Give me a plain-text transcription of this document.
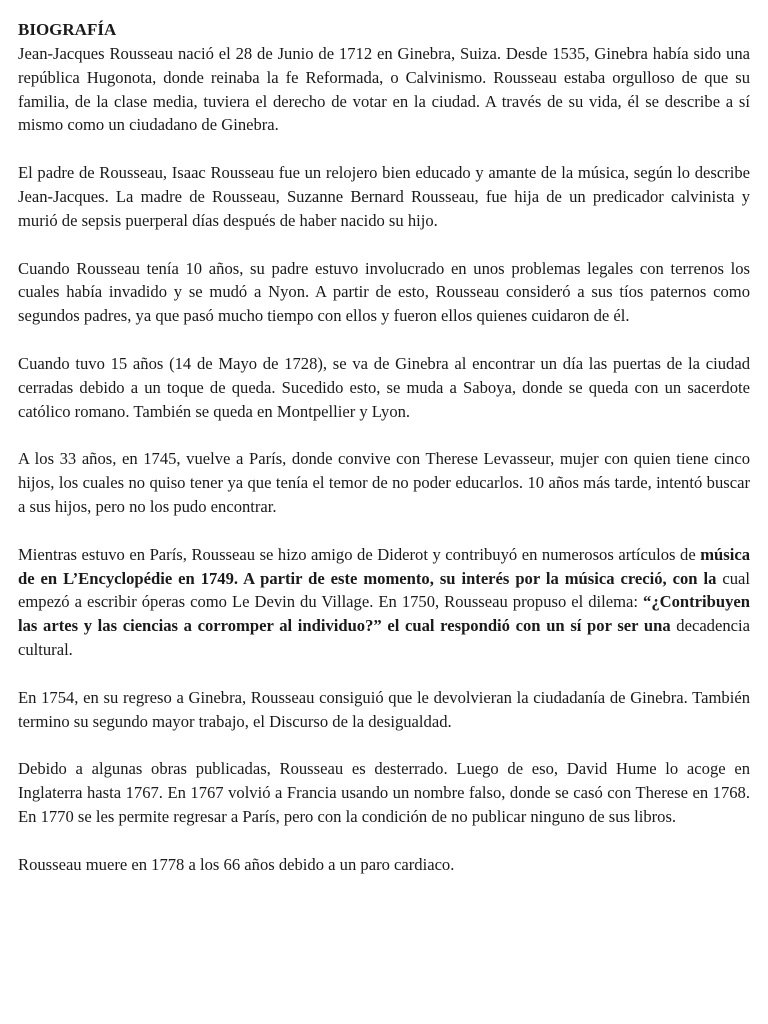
BIOGRAFÍA

Jean-Jacques Rousseau nació el 28 de Junio de 1712 en Ginebra, Suiza. Desde 1535, Ginebra había sido una república Hugonota, donde reinaba la fe Reformada, o Calvinismo. Rousseau estaba orgulloso de que su familia, de la clase media, tuviera el derecho de votar en la ciudad. A través de su vida, él se describe a sí mismo como un ciudadano de Ginebra.

El padre de Rousseau, Isaac Rousseau fue un relojero bien educado y amante de la música, según lo describe Jean-Jacques. La madre de Rousseau, Suzanne Bernard Rousseau, fue hija de un predicador calvinista y murió de sepsis puerperal días después de haber nacido su hijo.

Cuando Rousseau tenía 10 años, su padre estuvo involucrado en unos problemas legales con terrenos los cuales había invadido y se mudó a Nyon. A partir de esto, Rousseau consideró a sus tíos paternos como segundos padres, ya que pasó mucho tiempo con ellos y fueron ellos quienes cuidaron de él.

Cuando tuvo 15 años (14 de Mayo de 1728), se va de Ginebra al encontrar un día las puertas de la ciudad cerradas debido a un toque de queda. Sucedido esto, se muda a Saboya, donde se queda con un sacerdote católico romano. También se queda en Montpellier y Lyon.

A los 33 años, en 1745, vuelve a París, donde convive con Therese Levasseur, mujer con quien tiene cinco hijos, los cuales no quiso tener ya que tenía el temor de no poder educarlos. 10 años más tarde, intentó buscar a sus hijos, pero no los pudo encontrar.

Mientras estuvo en París, Rousseau se hizo amigo de Diderot y contribuyó en numerosos artículos de música de en L’Encyclopédie en 1749. A partir de este momento, su interés por la música creció, con la cual empezó a escribir óperas como Le Devin du Village. En 1750, Rousseau propuso el dilema: “¿Contribuyen las artes y las ciencias a corromper al individuo?” el cual respondió con un sí por ser una decadencia cultural.

En 1754, en su regreso a Ginebra, Rousseau consiguió que le devolvieran la ciudadanía de Ginebra. También termino su segundo mayor trabajo, el Discurso de la desigualdad.

Debido a algunas obras publicadas, Rousseau es desterrado. Luego de eso, David Hume lo acoge en Inglaterra hasta 1767. En 1767 volvió a Francia usando un nombre falso, donde se casó con Therese en 1768. En 1770 se les permite regresar a París, pero con la condición de no publicar ninguno de sus libros.

Rousseau muere en 1778 a los 66 años debido a un paro cardiaco.
